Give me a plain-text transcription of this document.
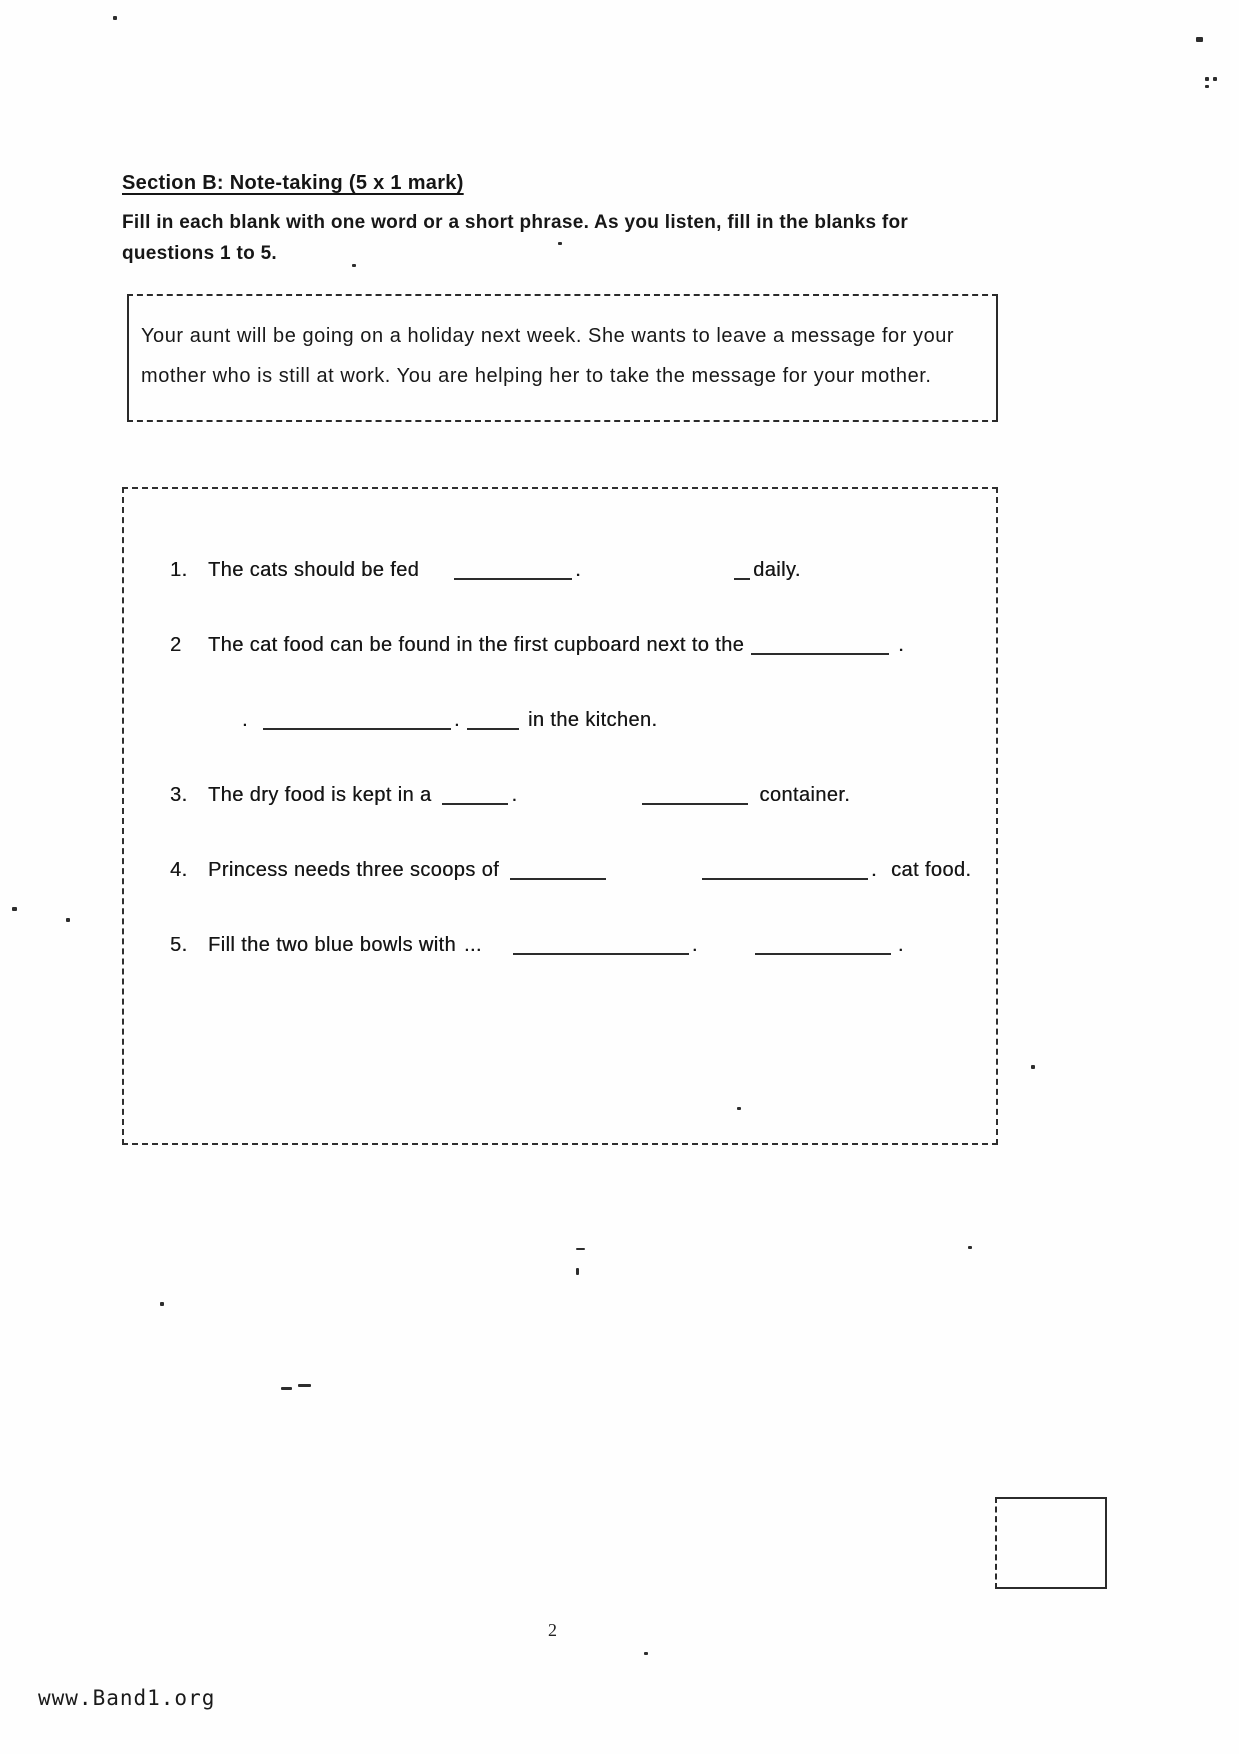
Section B: Note-taking (5 x 1 mark)
Fill in each blank with one word or a short phrase. As you listen, fill in the blanks for
questions 1 to 5.
Your aunt will be going on a holiday next week. She wants to leave a message for your
mother who is still at work. You are helping her to take the message for your mother.
1. The cats should be fed	.	daily.
2 The cat food can be found in the first cupboard next to the	.
.	.	in the kitchen.
3. The dry food is kept in a	.	container.
4. Princess needs three scoops of	. cat food.
5. Fill the two blue bowls with ...	.	.
2
www.Band1.org
